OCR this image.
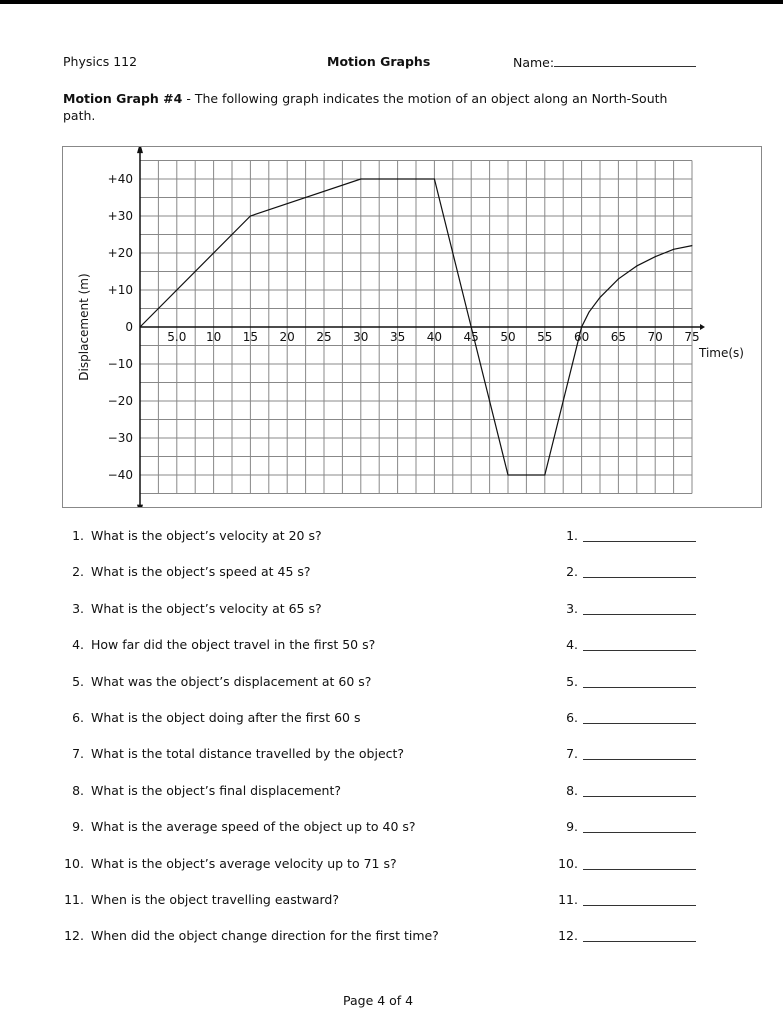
Physics 112	Motion Graphs	Name:
Motion Graph #4 - The following graph indicates the motion of an object along an North-South
path.
5.0 10 15 20 25 30 35 40 45 50 55 60 65 70 75
+40
+30
+20
+10
0
−10
−20
−30
−40
Time(s)
Displacement (m)
1. What is the object’s velocity at 20 s?	1.
2. What is the object’s speed at 45 s?	2.
3. What is the object’s velocity at 65 s?	3.
4. How far did the object travel in the first 50 s?	4.
5. What was the object’s displacement at 60 s?	5.
6. What is the object doing after the first 60 s	6.
7. What is the total distance travelled by the object?	7.
8. What is the object’s final displacement?	8.
9. What is the average speed of the object up to 40 s?	9.
10. What is the object’s average velocity up to 71 s?	10.
11. When is the object travelling eastward?	11.
12. When did the object change direction for the first time?	12.
Page 4 of 4
